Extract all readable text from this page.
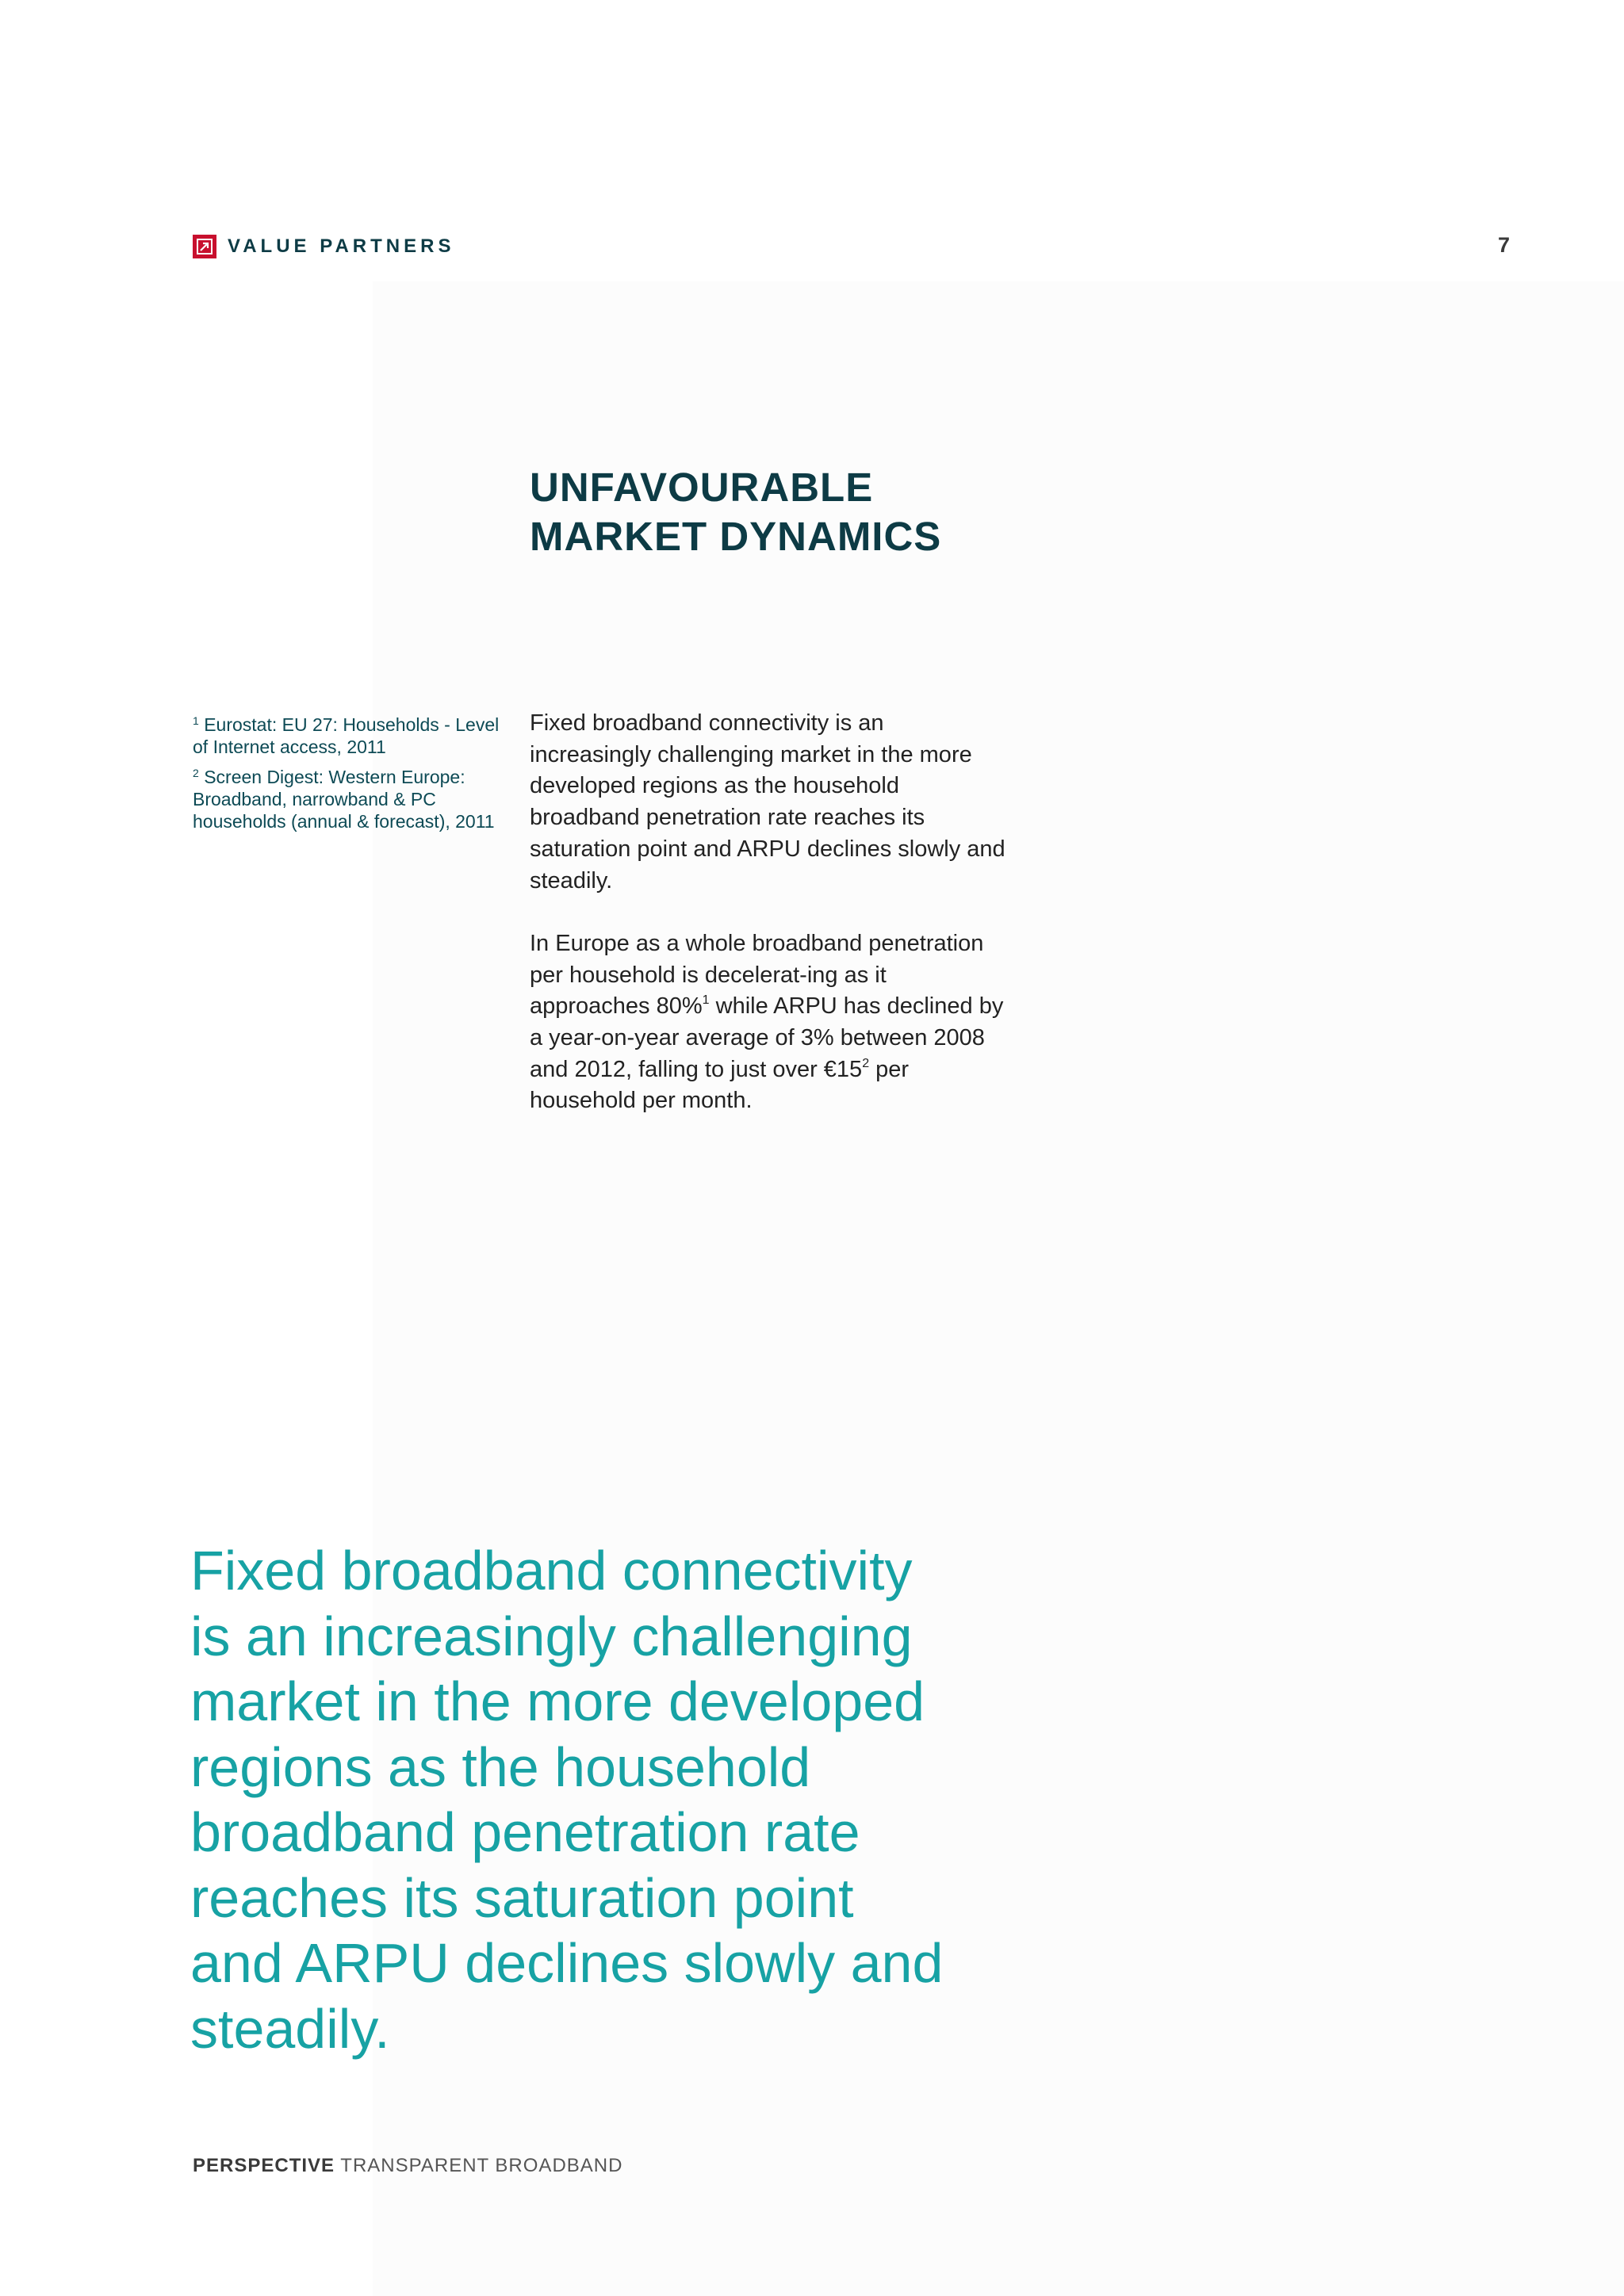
VALUE PARTNERS	7
UNFAVOURABLE
MARKET DYNAMICS
$^1$ Eurostat: EU 27: Households - Level of Internet access, 2011
$^2$ Screen Digest: Western Europe: Broadband, narrowband & PC households (annual & forecast), 2011

Fixed broadband connectivity is an increasingly challenging market in the more developed regions as the household broadband penetration rate reaches its saturation point and ARPU declines slowly and steadily.

In Europe as a whole broadband penetration per household is decelerat-ing as it approaches 80%$^1$ while ARPU has declined by a year-on-year average of 3% between 2008 and 2012, falling to just over $€15^2$ per household per month.

Fixed broadband connectivity
is an increasingly challenging
market in the more developed
regions as the household
broadband penetration rate
reaches its saturation point
and ARPU declines slowly and
steadily.
PERSPECTIVE TRANSPARENT BROADBAND
